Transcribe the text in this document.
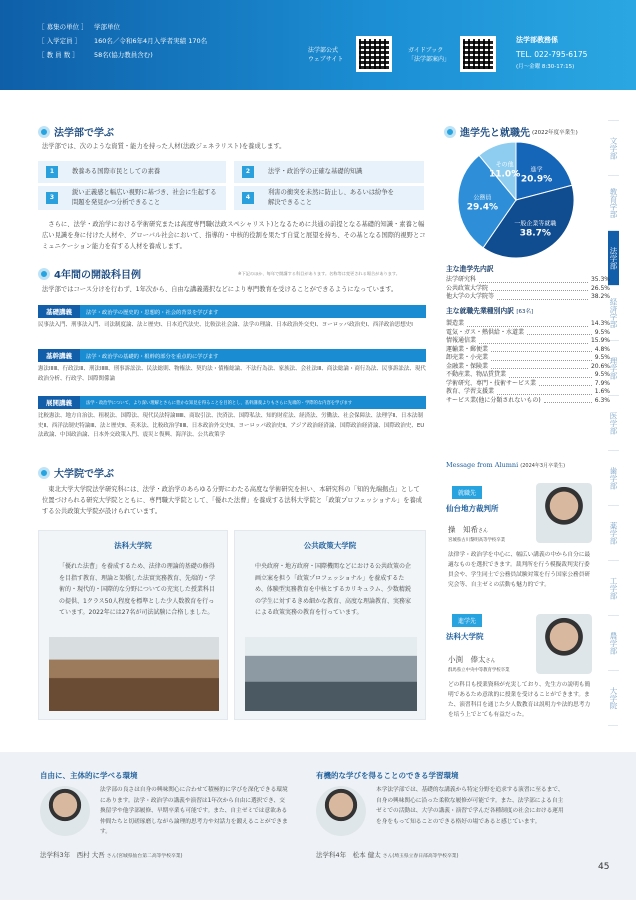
［ 募集の単位 ］ 学部単位
［ 入学定員 ］ 160名／令和6年4月入学者実績 170名
［ 教 員 数 ］ 58名(協力教員含む)
法学部公式
ウェブサイト
ガイドブック
「法学部案内」
法学部教務係
TEL. 022-795-6175
(月〜金曜 8:30-17:15)
文学部
教育学部
法学部
経済学部
理学部
医学部
歯学部
薬学部
工学部
農学部
大学院
法学部で学ぶ
法学部では、次のような資質・能力を持った人材(法政ジェネラリスト)を養成します。
1	教養ある国際市民としての素養	2	法学・政治学の正確な基礎的知識
3
鋭い正義感と幅広い視野に基づき、社会に生起する問題を発見かつ分析できること
4
利害の衝突を未然に防止し、あるいは紛争を解決できること
さらに、法学・政治学における学術研究または高度専門職(法政スペシャリスト)となるために共通の前提となる基礎的知識・素養と幅広い見識を身に付けた人材や、グローバル社会において、指導的・中核的役割を果たす自覚と展望を持ち、その基となる国際的視野とコミュニケーション能力を有する人材を養成します。
4年間の開設科目例	※下記のほか、毎年で開講する科目があります。名称等は変更される場合があります。
法学部ではコース分けを行わず、1年次から、自由な講義選択などにより専門教育を受けることができるようになっています。
基礎講義	法学・政治学の歴史的・思想的・社会的背景を学びます
民事法入門、刑事法入門、司法制度論、法と歴史Ⅰ、日本近代法史、比較法社会論、法学の理論、日本政治外交史Ⅰ、ヨーロッパ政治史Ⅰ、西洋政治思想史Ⅰ
基幹講義	法学・政治学の基礎的・根幹的部分を重点的に学びます
憲法ⅠⅡⅢ、行政法ⅠⅡ、刑法ⅠⅡⅢ、刑事訴訟法、民法総則、物権法、契約法・債権総論、不法行為法、家族法、会社法ⅠⅡ、商法総論・商行為法、民事訴訟法、現代政治分析、行政学、国際関係論
展開講義	法学・政治学について、より深い理解とさらに豊かな知見を得ることを目的とし、基幹講義よりもさらに先端的・学際的な内容を学びます
比較憲法、地方自治法、租税法、国際法、現代民法特論ⅠⅡⅢ、商取引法、決済法、国際私法、知的財産法、経済法、労働法、社会保障法、法理学Ⅱ、日本法制史Ⅱ、西洋法制史特論ⅠⅡ、法と歴史Ⅱ、英米法、比較政治学ⅡⅢ、日本政治外交史Ⅱ、ヨーロッパ政治史Ⅱ、アジア政治経済論、国際政治経済論、国際政治史、EU法政論、中国政治論、日本外交政策入門、震災と復興、海洋法、公共政策学
大学院で学ぶ
東北大学大学院法学研究科には、法学・政治学のあらゆる分野にわたる高度な学術研究を担い、本研究科の「知的先端拠点」として位置づけられる研究大学院とともに、専門職大学院として、「優れた法曹」を養成する法科大学院と「政策プロフェッショナル」を養成する公共政策大学院が設けられています。
法科大学院
「優れた法曹」を養成するため、法律の理論的基礎の修得を目指す教育、理論と架橋した法實実務教育、先端的・学術的・現代的・国際的な分野についての充実した授業科目の提供、1クラス50人程度を標準とした少人数教育を行っています。2022年には27名が司法試験に合格しました。
公共政策大学院
中央政府・地方政府・国際機関などにおける公共政策の企画立案を担う「政策プロフェッショナル」を養成するため、体験型実務教育を中核とするカリキュラム、少数精鋭の学生に対するきめ細かな教育、高度な理論教育、実務家による政策実務の教育を行っています。
進学先と就職先 (2022年度卒業生)
進学
20.9%
一般企業等就職
38.7%
公務員
29.4%
その他
11.0%
主な進学先内訳
法学研究科	35.3%
公共政策大学院	26.5%
他大学の大学院等	38.2%
主な就職先業種別内訳 [63名]
製造業	14.3%
電気・ガス・熱供給・水道業	9.5%
情報通信業	15.9%
運輸業・郵便業	4.8%
卸売業・小売業	9.5%
金融業・保険業	20.6%
不動産業、物品賃貸業	9.5%
学術研究、専門・技術サービス業	7.9%
教育、学習支援業	1.6%
サービス業(他に分類されないもの)	6.3%
Message from Alumni (2024年3月卒業生)
就職先
仙台地方裁判所
操　知希さん
宮城県古川黎明高等学校卒業
法律学・政治学を中心に、幅広い講義の中から自分に最適なものを選択できます。裁判所を行う模擬裁判実行委員会や、学生同士で公務員試験対策を行う国家公務員研究会等、自主ゼミの活動も魅力的です。
進学先
法科大学院
小渕　俸太さん
群馬県立中央中等教育学校卒業
どの科目も授業資料が充実しており、先生方の説明も簡明であるため意欲的に授業を受けることができます。また、演習科目を通じた少人数教育は説明力や法的思考力を培う上でとても有益だった。
自由に、主体的に学べる環境
法学部の良さは自身の興味関心に合わせて積極的に学びを深化できる環境にあります。法学・政治学の講義や演習は1年次から自由に選択でき、交換留学や他学部履修、早期卒業も可能です。また、自主ゼミでは意欲ある仲間たちと切磋琢磨しながら論理的思考力や対話力を鍛えることができます。
法学科3年　西村 大吾 さん(宮城県仙台第二高等学校卒業)
有機的な学びを得ることのできる学習環境
本学法学部では、基礎的な講義から特定分野を追求する演習に至るまで、自身の興味関心に沿った柔軟な履修が可能です。また、法学部による自主ゼミでの活動は、大学の講義・演習で学んだ各種制度の社会における運用を身をもって知ることのできる格好の場であると感じています。
法学科4年　松本 健太 さん(埼玉県立春日部高等学校卒業)
45
